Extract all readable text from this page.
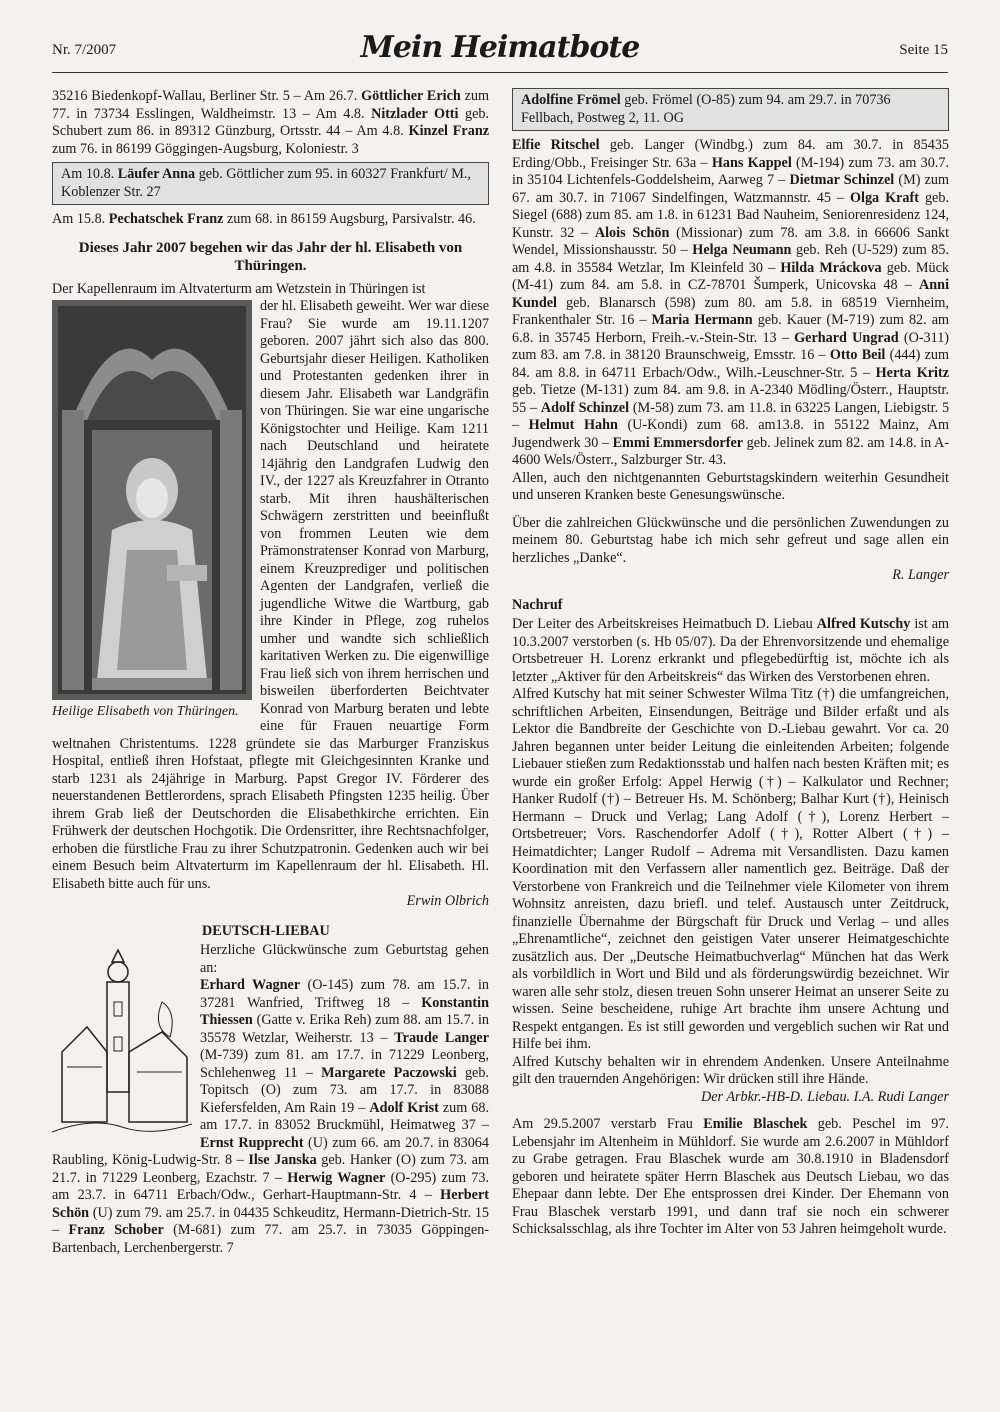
Nr. 7/2007	Mein Heimatbote	Seite 15

35216 Biedenkopf-Wallau, Berliner Str. 5 – Am 26.7. Göttlicher Erich zum 77. in 73734 Esslingen, Waldheimstr. 13 – Am 4.8. Nitzlader Otti geb. Schubert zum 86. in 89312 Günzburg, Ortsstr. 44 – Am 4.8. Kinzel Franz zum 76. in 86199 Göggingen-Augsburg, Koloniestr. 3

Am 10.8. Läufer Anna geb. Göttlicher zum 95. in 60327 Frankfurt/ M., Koblenzer Str. 27

Am 15.8. Pechatschek Franz zum 68. in 86159 Augsburg, Parsivalstr. 46.

Dieses Jahr 2007 begehen wir das Jahr der hl. Elisabeth von Thüringen.

Der Kapellenraum im Altvaterturm am Wetzstein in Thüringen ist

Heilige Elisabeth von Thüringen.

der hl. Elisabeth geweiht. Wer war diese Frau? Sie wurde am 19.11.1207 geboren. 2007 jährt sich also das 800. Geburtsjahr dieser Heiligen. Katholiken und Protestanten gedenken ihrer in diesem Jahr. Elisabeth war Landgräfin von Thüringen. Sie war eine ungarische Königstochter und Heilige. Kam 1211 nach Deutschland und heiratete 14jährig den Landgrafen Ludwig den IV., der 1227 als Kreuzfahrer in Otranto starb. Mit ihren haushälterischen Schwägern zerstritten und beeinflußt von frommen Leuten wie dem Prämonstratenser Konrad von Marburg, einem Kreuzprediger und politischen Agenten der Landgrafen, verließ die jugendliche Witwe die Wartburg, gab ihre Kinder in Pflege, zog ruhelos umher und wandte sich schließlich karitativen Werken zu. Die eigenwillige Frau ließ sich von ihrem herrischen und bisweilen überforderten Beichtvater Konrad von Marburg beraten und lebte eine für Frauen neuartige Form weltnahen Christentums. 1228 gründete sie das Marburger Franziskus Hospital, entließ ihren Hofstaat, pflegte mit Gleichgesinnten Kranke und starb 1231 als 24jährige in Marburg. Papst Gregor IV. Förderer des neuerstandenen Bettlerordens, sprach Elisabeth Pfingsten 1235 heilig. Über ihrem Grab ließ der Deutschorden die Elisabethkirche errichten. Ein Frühwerk der deutschen Hochgotik. Die Ordensritter, ihre Rechtsnachfolger, erhoben die fürstliche Frau zu ihrer Schutzpatronin. Gedenken auch wir bei einem Besuch beim Altvaterturm im Kapellenraum der hl. Elisabeth. Hl. Elisabeth bitte auch für uns.

Erwin Olbrich

DEUTSCH-LIEBAU

Herzliche Glückwünsche zum Geburtstag gehen an:
Erhard Wagner (O-145) zum 78. am 15.7. in 37281 Wanfried, Triftweg 18 – Konstantin Thiessen (Gatte v. Erika Reh) zum 88. am 15.7. in 35578 Wetzlar, Weiherstr. 13 – Traude Langer (M-739) zum 81. am 17.7. in 71229 Leonberg, Schlehenweg 11 – Margarete Paczowski geb. Topitsch (O) zum 73. am 17.7. in 83088 Kiefersfelden, Am Rain 19 – Adolf Krist zum 68. am 17.7. in 83052 Bruckmühl, Heimatweg 37 – Ernst Rupprecht (U) zum 66. am 20.7. in 83064 Raubling, König-Ludwig-Str. 8 – Ilse Janska geb. Hanker (O) zum 73. am 21.7. in 71229 Leonberg, Ezachstr. 7 – Herwig Wagner (O-295) zum 73. am 23.7. in 64711 Erbach/Odw., Gerhart-Hauptmann-Str. 4 – Herbert Schön (U) zum 79. am 25.7. in 04435 Schkeuditz, Hermann-Dietrich-Str. 15 – Franz Schober (M-681) zum 77. am 25.7. in 73035 Göppingen-Bartenbach, Lerchenbergerstr. 7

Adolfine Frömel geb. Frömel (O-85) zum 94. am 29.7. in 70736 Fellbach, Postweg 2, 11. OG

Elfie Ritschel geb. Langer (Windbg.) zum 84. am 30.7. in 85435 Erding/Obb., Freisinger Str. 63a – Hans Kappel (M-194) zum 73. am 30.7. in 35104 Lichtenfels-Goddelsheim, Aarweg 7 – Dietmar Schinzel (M) zum 67. am 30.7. in 71067 Sindelfingen, Watzmannstr. 45 – Olga Kraft geb. Siegel (688) zum 85. am 1.8. in 61231 Bad Nauheim, Seniorenresidenz 124, Kunstr. 32 – Alois Schön (Missionar) zum 78. am 3.8. in 66606 Sankt Wendel, Missionshausstr. 50 – Helga Neumann geb. Reh (U-529) zum 85. am 4.8. in 35584 Wetzlar, Im Kleinfeld 30 – Hilda Mráckova geb. Mück (M-41) zum 84. am 5.8. in CZ-78701 Šumperk, Unicovska 48 – Anni Kundel geb. Blanarsch (598) zum 80. am 5.8. in 68519 Viernheim, Frankenthaler Str. 16 – Maria Hermann geb. Kauer (M-719) zum 82. am 6.8. in 35745 Herborn, Freih.-v.-Stein-Str. 13 – Gerhard Ungrad (O-311) zum 83. am 7.8. in 38120 Braunschweig, Emsstr. 16 – Otto Beil (444) zum 84. am 8.8. in 64711 Erbach/Odw., Wilh.-Leuschner-Str. 5 – Herta Kritz geb. Tietze (M-131) zum 84. am 9.8. in A-2340 Mödling/Österr., Hauptstr. 55 – Adolf Schinzel (M-58) zum 73. am 11.8. in 63225 Langen, Liebigstr. 5 – Helmut Hahn (U-Kondi) zum 68. am13.8. in 55122 Mainz, Am Jugendwerk 30 – Emmi Emmersdorfer geb. Jelinek zum 82. am 14.8. in A-4600 Wels/Österr., Salzburger Str. 43.

Allen, auch den nichtgenannten Geburtstagskindern weiterhin Gesundheit und unseren Kranken beste Genesungswünsche.

Über die zahlreichen Glückwünsche und die persönlichen Zuwendungen zu meinem 80. Geburtstag habe ich mich sehr gefreut und sage allen ein herzliches „Danke“.

R. Langer

Nachruf

Der Leiter des Arbeitskreises Heimatbuch D. Liebau Alfred Kutschy ist am 10.3.2007 verstorben (s. Hb 05/07). Da der Ehrenvorsitzende und ehemalige Ortsbetreuer H. Lorenz erkrankt und pflegebedürftig ist, möchte ich als letzter „Aktiver für den Arbeitskreis“ das Wirken des Verstorbenen ehren.

Alfred Kutschy hat mit seiner Schwester Wilma Titz (†) die umfangreichen, schriftlichen Arbeiten, Einsendungen, Beiträge und Bilder erfaßt und als Lektor die Bandbreite der Geschichte von D.-Liebau gewahrt. Vor ca. 20 Jahren begannen unter beider Leitung die einleitenden Arbeiten; folgende Liebauer stießen zum Redaktionsstab und halfen nach besten Kräften mit; es wurde ein großer Erfolg: Appel Herwig (†) – Kalkulator und Rechner; Hanker Rudolf (†) – Betreuer Hs. M. Schönberg; Balhar Kurt (†), Heinisch Hermann – Druck und Verlag; Lang Adolf (†), Lorenz Herbert – Ortsbetreuer; Vors. Raschendorfer Adolf (†), Rotter Albert (†) – Heimatdichter; Langer Rudolf – Adrema mit Versandlisten. Dazu kamen Koordination mit den Verfassern aller namentlich gez. Beiträge. Daß der Verstorbene von Frankreich und die Teilnehmer viele Kilometer von ihrem Wohnsitz anreisten, dazu briefl. und telef. Austausch unter Zeitdruck, finanzielle Übernahme der Bürgschaft für Druck und Verlag – und alles „Ehrenamtliche“, zeichnet den geistigen Vater unserer Heimatgeschichte zusätzlich aus. Der „Deutsche Heimatbuchverlag“ München hat das Werk als vorbildlich in Wort und Bild und als förderungswürdig bezeichnet. Wir waren alle sehr stolz, diesen treuen Sohn unserer Heimat an unserer Seite zu wissen. Seine bescheidene, ruhige Art brachte ihm unsere Achtung und Respekt entgangen. Es ist still geworden und vergeblich suchen wir Rat und Hilfe bei ihm.

Alfred Kutschy behalten wir in ehrendem Andenken. Unsere Anteilnahme gilt den trauernden Angehörigen: Wir drücken still ihre Hände.

Der Arbkr.-HB-D. Liebau. I.A. Rudi Langer

Am 29.5.2007 verstarb Frau Emilie Blaschek geb. Peschel im 97. Lebensjahr im Altenheim in Mühldorf. Sie wurde am 2.6.2007 in Mühldorf zu Grabe getragen. Frau Blaschek wurde am 30.8.1910 in Bladensdorf geboren und heiratete später Herrn Blaschek aus Deutsch Liebau, wo das Ehepaar dann lebte. Der Ehe entsprossen drei Kinder. Der Ehemann von Frau Blaschek verstarb 1991, und dann traf sie noch ein schwerer Schicksalsschlag, als ihre Tochter im Alter von 53 Jahren heimgeholt wurde.
